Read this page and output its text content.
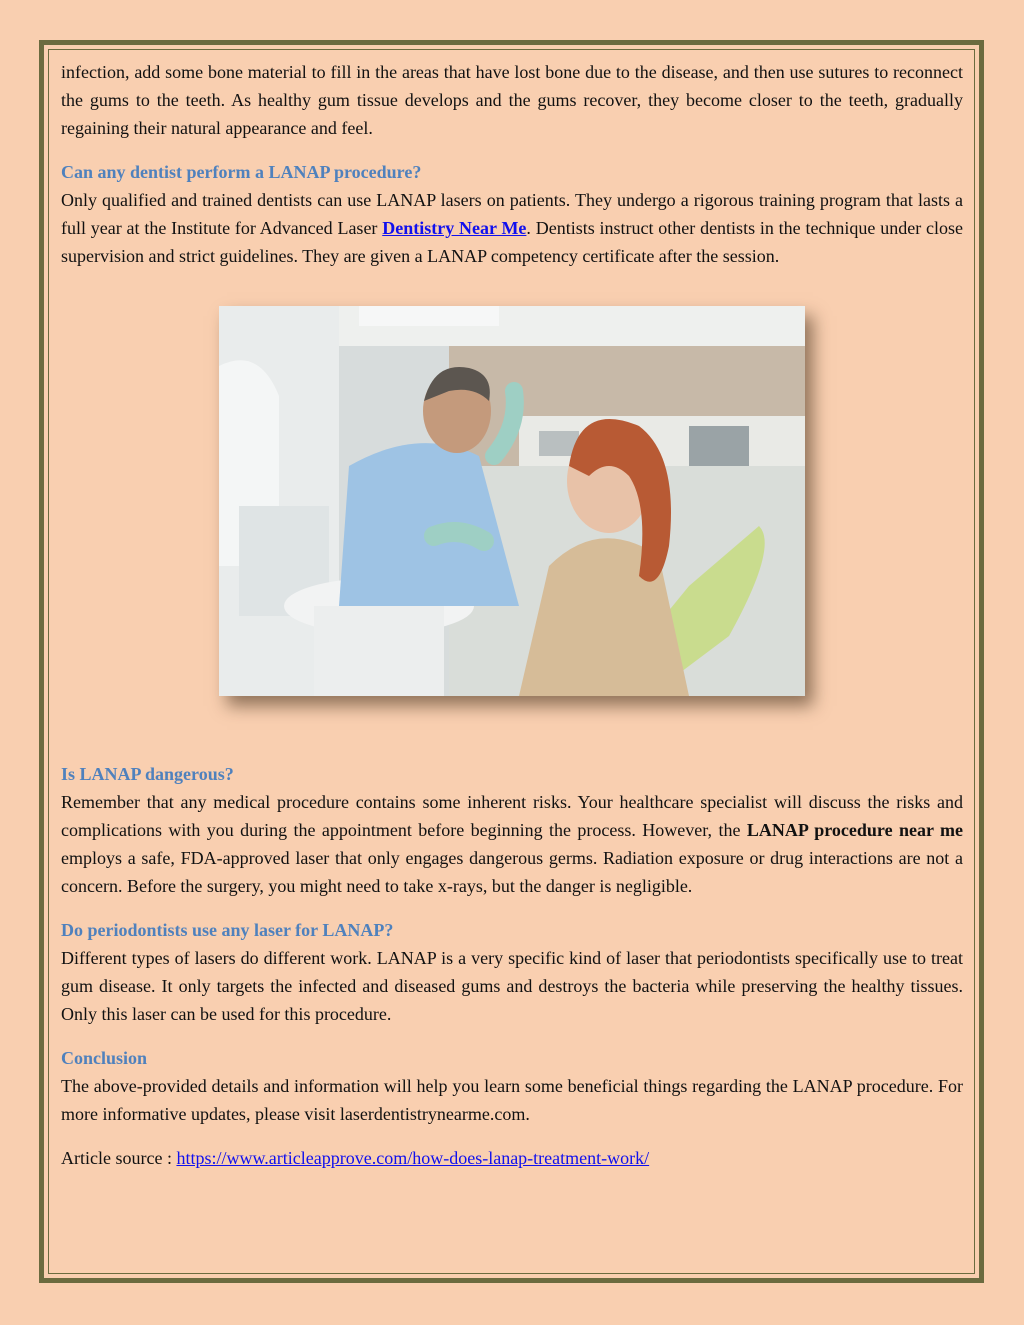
infection, add some bone material to fill in the areas that have lost bone due to the disease, and then use sutures to reconnect the gums to the teeth. As healthy gum tissue develops and the gums recover, they become closer to the teeth, gradually regaining their natural appearance and feel.

Can any dentist perform a LANAP procedure?

Only qualified and trained dentists can use LANAP lasers on patients. They undergo a rigorous training program that lasts a full year at the Institute for Advanced Laser Dentistry Near Me. Dentists instruct other dentists in the technique under close supervision and strict guidelines. They are given a LANAP competency certificate after the session.

Is LANAP dangerous?

Remember that any medical procedure contains some inherent risks. Your healthcare specialist will discuss the risks and complications with you during the appointment before beginning the process. However, the LANAP procedure near me employs a safe, FDA-approved laser that only engages dangerous germs. Radiation exposure or drug interactions are not a concern. Before the surgery, you might need to take x-rays, but the danger is negligible.

Do periodontists use any laser for LANAP?

Different types of lasers do different work. LANAP is a very specific kind of laser that periodontists specifically use to treat gum disease. It only targets the infected and diseased gums and destroys the bacteria while preserving the healthy tissues. Only this laser can be used for this procedure.

Conclusion

The above-provided details and information will help you learn some beneficial things regarding the LANAP procedure. For more informative updates, please visit laserdentistrynearme.com.

Article source : https://www.articleapprove.com/how-does-lanap-treatment-work/
